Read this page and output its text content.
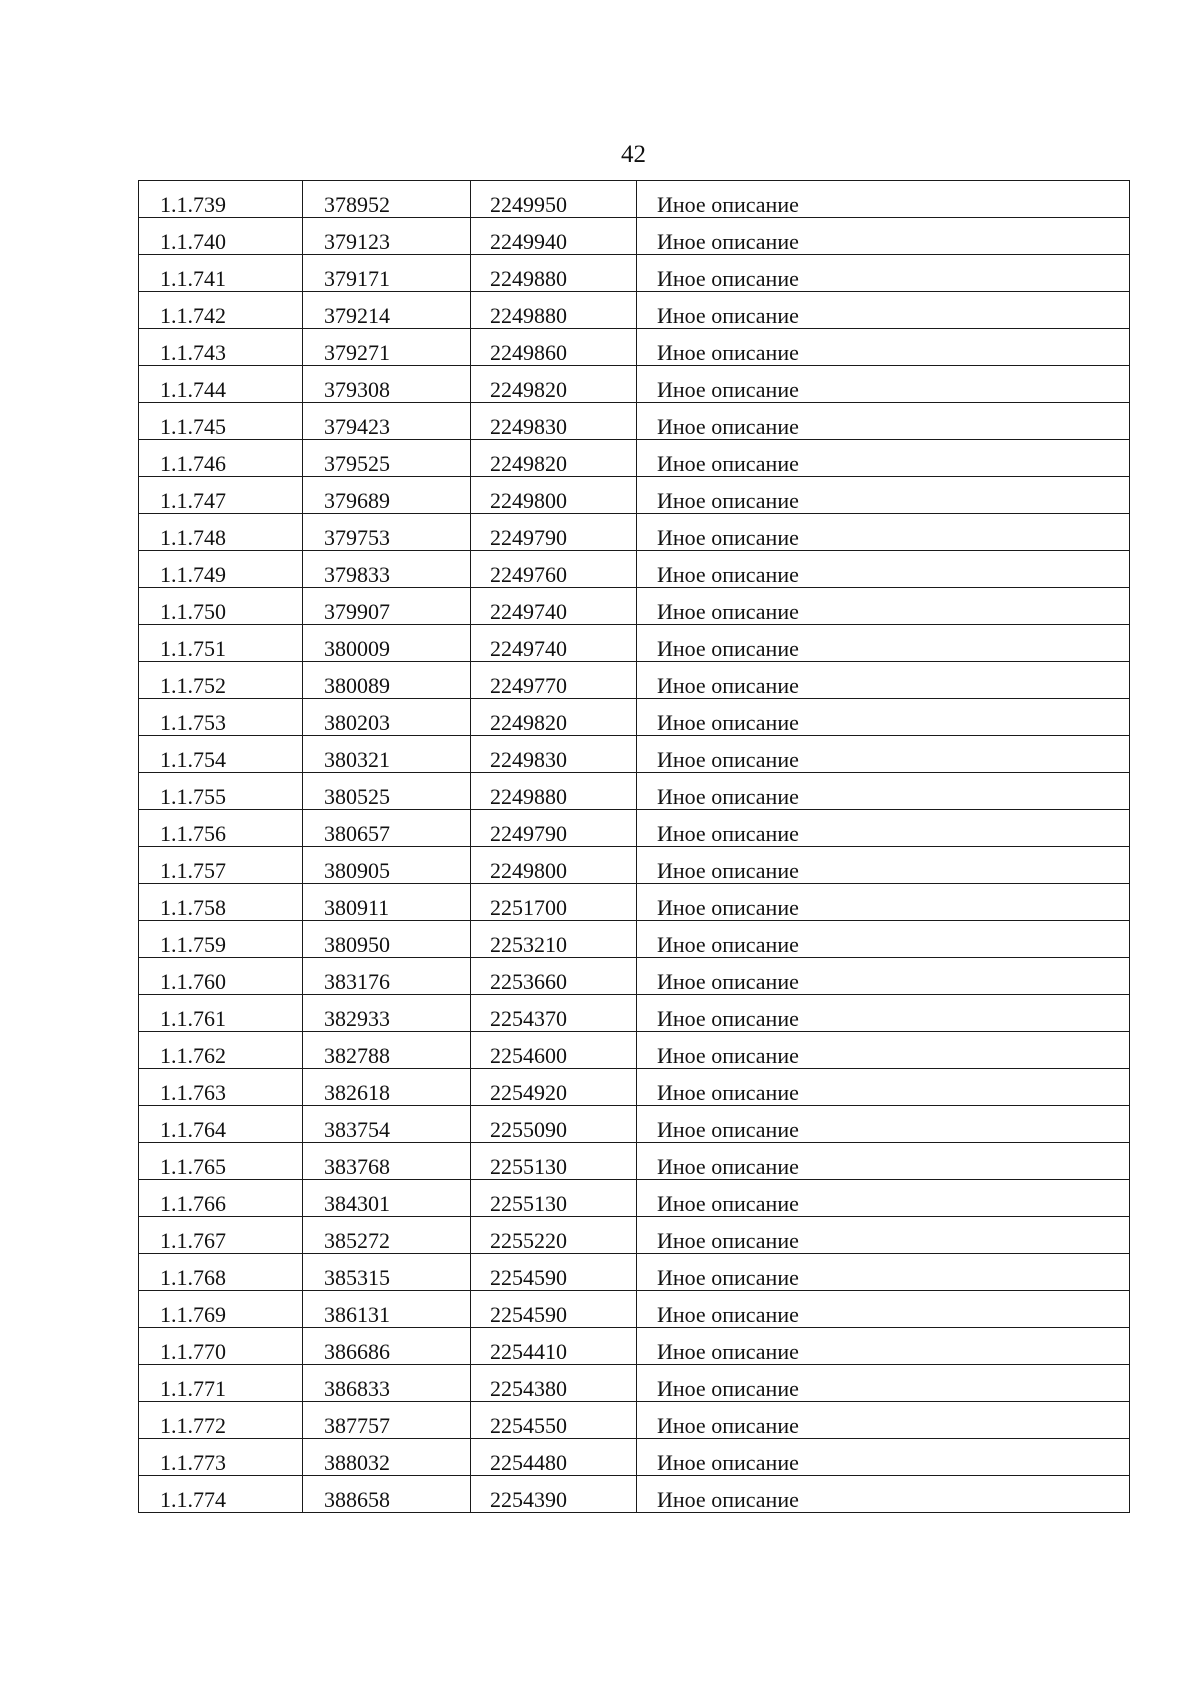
42
1.1.739	378952	2249950	Иное описание
1.1.740	379123	2249940	Иное описание
1.1.741	379171	2249880	Иное описание
1.1.742	379214	2249880	Иное описание
1.1.743	379271	2249860	Иное описание
1.1.744	379308	2249820	Иное описание
1.1.745	379423	2249830	Иное описание
1.1.746	379525	2249820	Иное описание
1.1.747	379689	2249800	Иное описание
1.1.748	379753	2249790	Иное описание
1.1.749	379833	2249760	Иное описание
1.1.750	379907	2249740	Иное описание
1.1.751	380009	2249740	Иное описание
1.1.752	380089	2249770	Иное описание
1.1.753	380203	2249820	Иное описание
1.1.754	380321	2249830	Иное описание
1.1.755	380525	2249880	Иное описание
1.1.756	380657	2249790	Иное описание
1.1.757	380905	2249800	Иное описание
1.1.758	380911	2251700	Иное описание
1.1.759	380950	2253210	Иное описание
1.1.760	383176	2253660	Иное описание
1.1.761	382933	2254370	Иное описание
1.1.762	382788	2254600	Иное описание
1.1.763	382618	2254920	Иное описание
1.1.764	383754	2255090	Иное описание
1.1.765	383768	2255130	Иное описание
1.1.766	384301	2255130	Иное описание
1.1.767	385272	2255220	Иное описание
1.1.768	385315	2254590	Иное описание
1.1.769	386131	2254590	Иное описание
1.1.770	386686	2254410	Иное описание
1.1.771	386833	2254380	Иное описание
1.1.772	387757	2254550	Иное описание
1.1.773	388032	2254480	Иное описание
1.1.774	388658	2254390	Иное описание
